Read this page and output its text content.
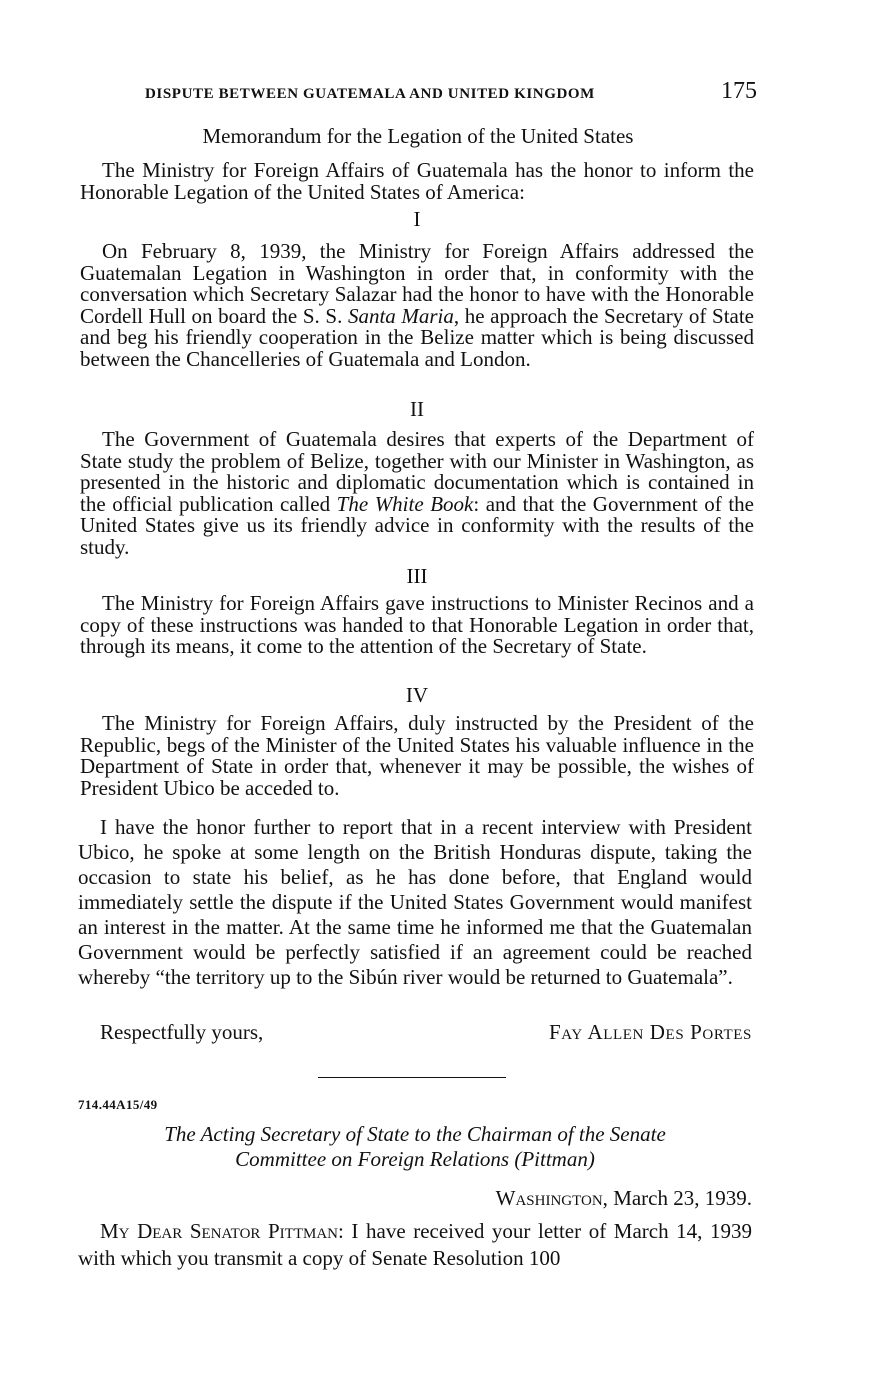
DISPUTE BETWEEN GUATEMALA AND UNITED KINGDOM	175
Memorandum for the Legation of the United States

The Ministry for Foreign Affairs of Guatemala has the honor to inform the Honorable Legation of the United States of America:

I

On February 8, 1939, the Ministry for Foreign Affairs addressed the Guatemalan Legation in Washington in order that, in conformity with the conversation which Secretary Salazar had the honor to have with the Honorable Cordell Hull on board the S. S. Santa Maria, he approach the Secretary of State and beg his friendly cooperation in the Belize matter which is being discussed between the Chancelleries of Guatemala and London.

II

The Government of Guatemala desires that experts of the Department of State study the problem of Belize, together with our Minister in Washington, as presented in the historic and diplomatic documentation which is contained in the official publication called The White Book: and that the Government of the United States give us its friendly advice in conformity with the results of the study.

III

The Ministry for Foreign Affairs gave instructions to Minister Recinos and a copy of these instructions was handed to that Honorable Legation in order that, through its means, it come to the attention of the Secretary of State.

IV

The Ministry for Foreign Affairs, duly instructed by the President of the Republic, begs of the Minister of the United States his valuable influence in the Department of State in order that, whenever it may be possible, the wishes of President Ubico be acceded to.

I have the honor further to report that in a recent interview with President Ubico, he spoke at some length on the British Honduras dispute, taking the occasion to state his belief, as he has done before, that England would immediately settle the dispute if the United States Government would manifest an interest in the matter. At the same time he informed me that the Guatemalan Government would be perfectly satisfied if an agreement could be reached whereby “the territory up to the Sibún river would be returned to Guatemala”.

Respectfully yours,	Fay Allen Des Portes
714.44A15/49
The Acting Secretary of State to the Chairman of the Senate
Committee on Foreign Relations (Pittman)
Washington, March 23, 1939.

My Dear Senator Pittman: I have received your letter of March 14, 1939 with which you transmit a copy of Senate Resolution 100
